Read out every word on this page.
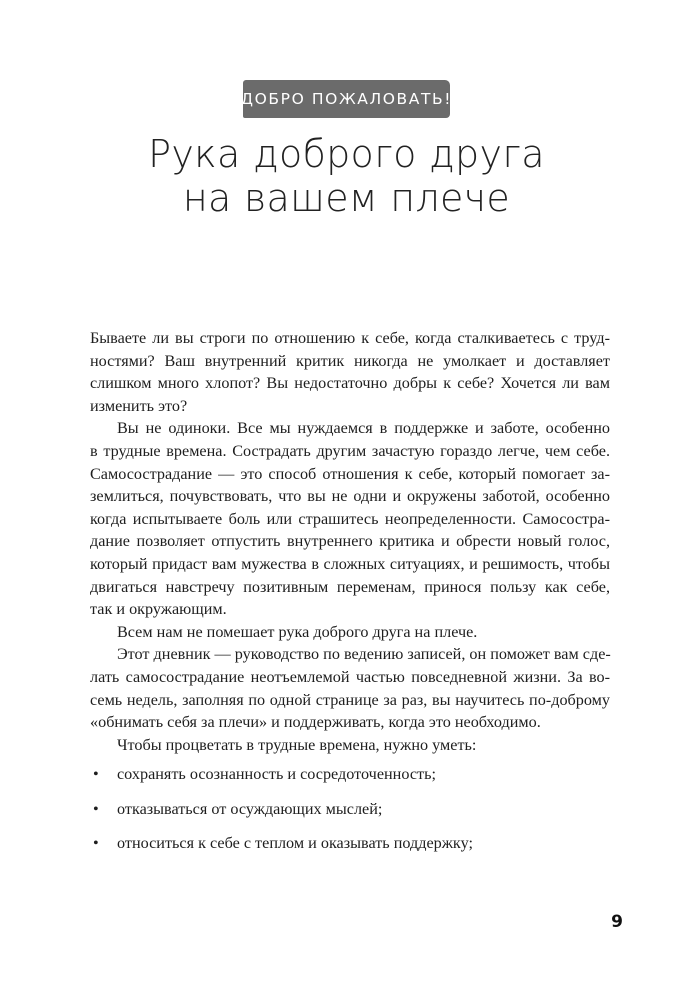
ДОБРО ПОЖАЛОВАТЬ!
Рука доброго друга
на вашем плече
Бываете ли вы строги по отношению к себе, когда сталкиваетесь с труд-
ностями? Ваш внутренний критик никогда не умолкает и доставляет
слишком много хлопот? Вы недостаточно добры к себе? Хочется ли вам
изменить это?
Вы не одиноки. Все мы нуждаемся в поддержке и заботе, особенно
в трудные времена. Сострадать другим зачастую гораздо легче, чем себе.
Самосострадание — это способ отношения к себе, который помогает за-
землиться, почувствовать, что вы не одни и окружены заботой, особенно
когда испытываете боль или страшитесь неопределенности. Самосостра-
дание позволяет отпустить внутреннего критика и обрести новый голос,
который придаст вам мужества в сложных ситуациях, и решимость, чтобы
двигаться навстречу позитивным переменам, принося пользу как себе,
так и окружающим.
Всем нам не помешает рука доброго друга на плече.
Этот дневник — руководство по ведению записей, он поможет вам сде-
лать самосострадание неотъемлемой частью повседневной жизни. За во-
семь недель, заполняя по одной странице за раз, вы научитесь по-доброму
«обнимать себя за плечи» и поддерживать, когда это необходимо.
Чтобы процветать в трудные времена, нужно уметь:
• сохранять осознанность и сосредоточенность;
• отказываться от осуждающих мыслей;
• относиться к себе с теплом и оказывать поддержку;
9
